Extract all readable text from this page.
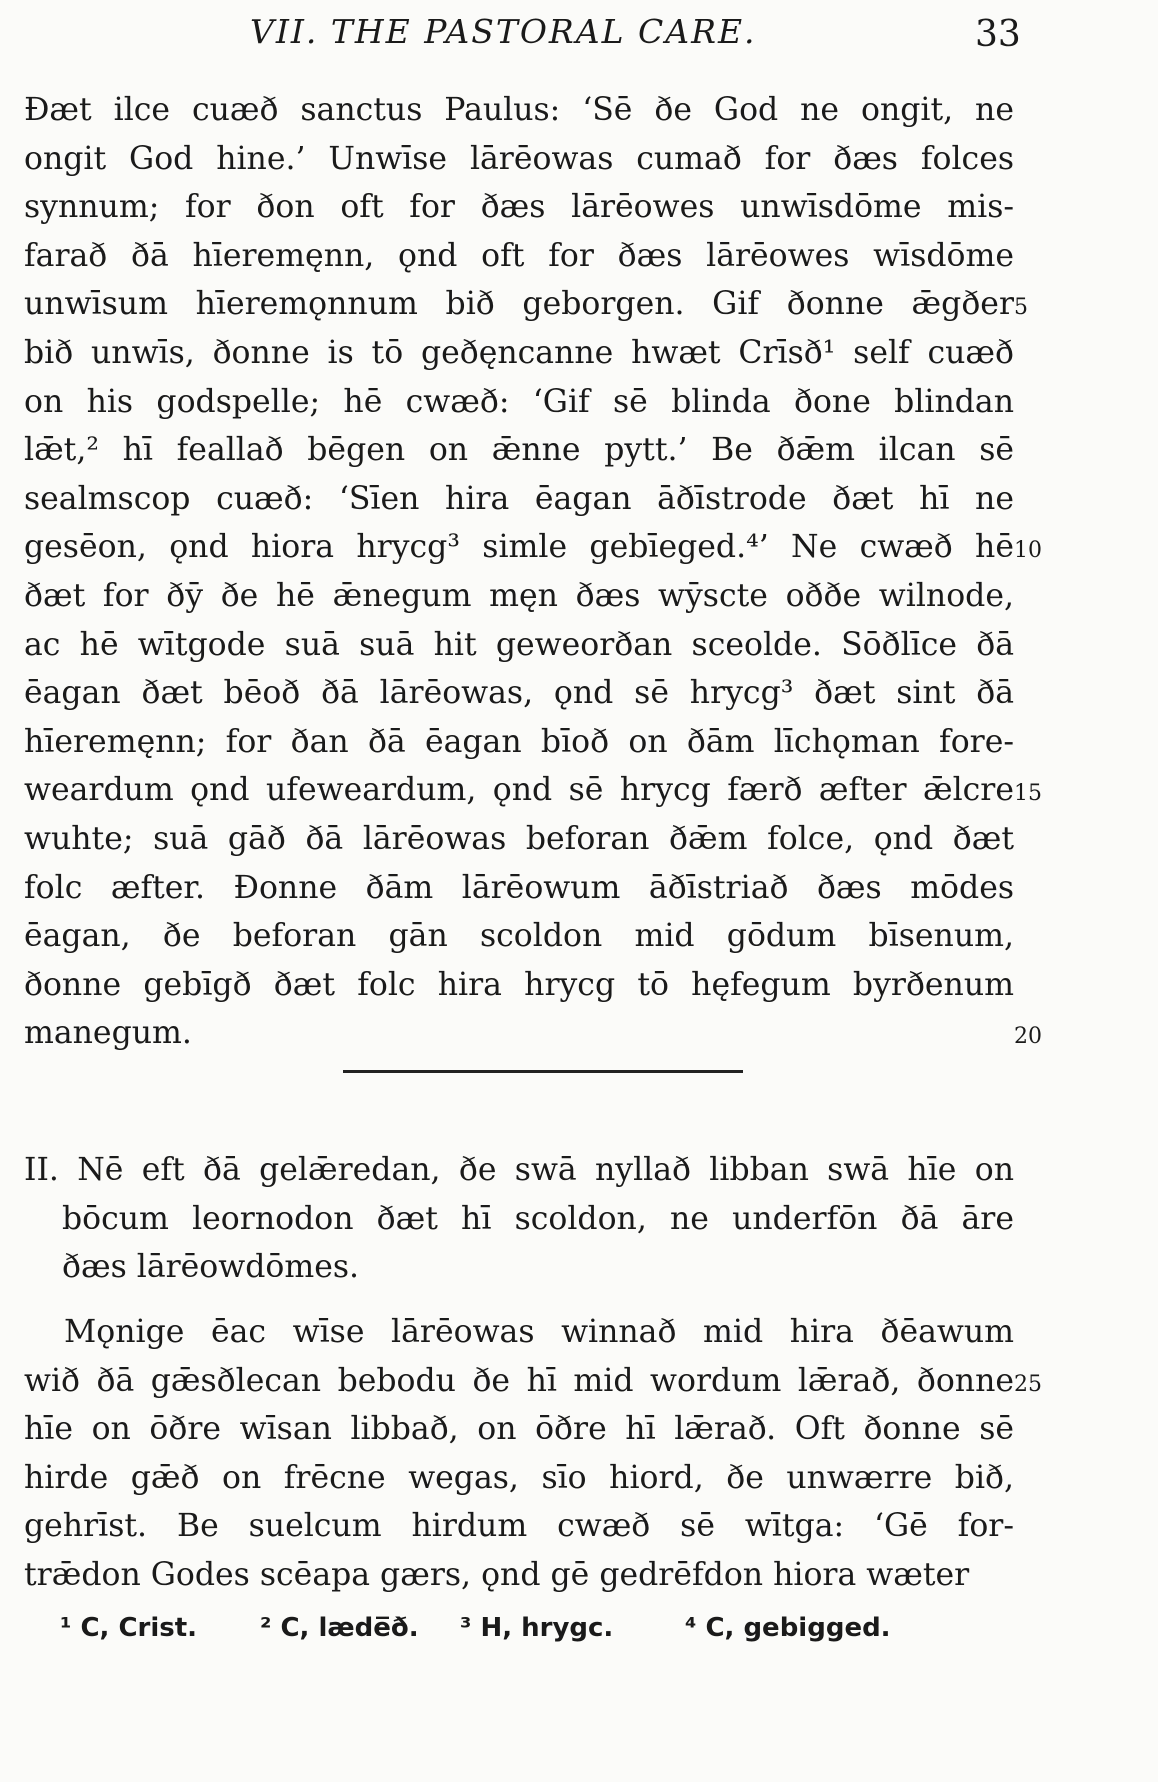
VII. THE PASTORAL CARE.	33
Ðæt ilce cuæð sanctus Paulus: ‘Sē ðe God ne ongit, ne
ongit God hine.’ Unwīse lārēowas cumað for ðæs folces
synnum; for ðon oft for ðæs lārēowes unwīsdōme mis-
farað ðā hīeremęnn, ǫnd oft for ðæs lārēowes wīsdōme
unwīsum hīeremǫnnum bið geborgen. Gif ðonne ǣgðer 5
bið unwīs, ðonne is tō geðęncanne hwæt Crīsð¹ self cuæð
on his godspelle; hē cwæð: ‘Gif sē blinda ðone blindan
lǣt,² hī feallað bēgen on ǣnne pytt.’ Be ðǣm ilcan sē
sealmscop cuæð: ‘Sīen hira ēagan āðīstrode ðæt hī ne
gesēon, ǫnd hiora hrycg³ simle gebīeged.⁴’ Ne cwæð hē 10
ðæt for ðȳ ðe hē ǣnegum męn ðæs wȳscte oððe wilnode,
ac hē wītgode suā suā hit geweorðan sceolde. Sōðlīce ðā
ēagan ðæt bēoð ðā lārēowas, ǫnd sē hrycg³ ðæt sint ðā
hīeremęnn; for ðan ðā ēagan bīoð on ðām līchǫman fore-
weardum ǫnd ufeweardum, ǫnd sē hrycg færð æfter ǣlcre 15
wuhte; suā gāð ðā lārēowas beforan ðǣm folce, ǫnd ðæt
folc æfter. Ðonne ðām lārēowum āðīstriað ðæs mōdes
ēagan, ðe beforan gān scoldon mid gōdum bīsenum,
ðonne gebīgð ðæt folc hira hrycg tō hęfegum byrðenum
manegum.	20
II. Nē eft ðā gelǣredan, ðe swā nyllað libban swā hīe on
bōcum leornodon ðæt hī scoldon, ne underfōn ðā āre
ðæs lārēowdōmes.
Mǫnige ēac wīse lārēowas winnað mid hira ðēawum
wið ðā gǣsðlecan bebodu ðe hī mid wordum lǣrað, ðonne 25
hīe on ōðre wīsan libbað, on ōðre hī lǣrað. Oft ðonne sē
hirde gǣð on frēcne wegas, sīo hiord, ðe unwærre bið,
gehrīst. Be suelcum hirdum cwæð sē wītga: ‘Gē for-
trǣdon Godes scēapa gærs, ǫnd gē gedrēfdon hiora wæter
¹ C, Crist. ² C, læde̅ð. ³ H, hrygc.	⁴ C, gebigged.
